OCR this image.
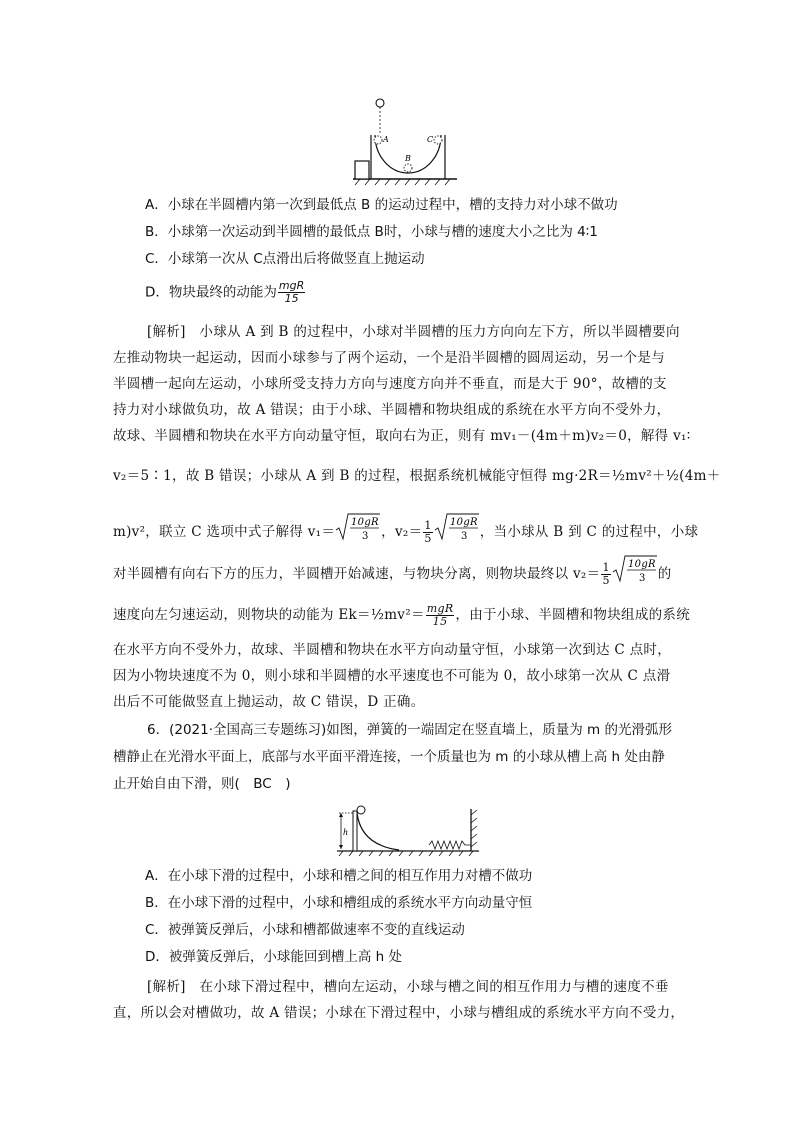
A	C
B
A．小球在半圆槽内第一次到最低点 B 的运动过程中，槽的支持力对小球不做功
B．小球第一次运动到半圆槽的最低点 B时，小球与槽的速度大小之比为 4∶1
C．小球第一次从 C点滑出后将做竖直上抛运动
D．物块最终的动能为 $\frac{\text{mgR}}{15}$
[解析]　小球从 A 到 B 的过程中，小球对半圆槽的压力方向向左下方，所以半圆槽要向
左推动物块一起运动，因而小球参与了两个运动，一个是沿半圆槽的圆周运动，另一个是与
半圆槽一起向左运动，小球所受支持力方向与速度方向并不垂直，而是大于 90°，故槽的支
持力对小球做负功，故 A 错误；由于小球、半圆槽和物块组成的系统在水平方向不受外力，
故球、半圆槽和物块在水平方向动量守恒，取向右为正，则有 mv₁－(4m＋m)v₂＝0，解得 v₁∶
v₂＝5∶1，故 B 错误；小球从 A 到 B 的过程，根据系统机械能守恒得 mg·2R＝½mv²＋½(4m＋
m)v²，联立 C 选项中式子解得 v₁＝
10gR
3 ，$v_2= \frac{1}{5} 10gR$
3 ，当小球从 B 到 C 的过程中，小球
对半圆槽有向右下方的压力，半圆槽开始减速，与物块分离，则物块最终以 $v_2= \frac{1}{5} 10gR$
3 的
速度向左匀速运动，则物块的动能为 Ek＝½mv²＝ $\frac{\text{mgR}}{15}$ ，由于小球、半圆槽和物块组成的系统
在水平方向不受外力，故球、半圆槽和物块在水平方向动量守恒，小球第一次到达 C 点时，
因为小物块速度不为 0，则小球和半圆槽的水平速度也不可能为 0，故小球第一次从 C 点滑
出后不可能做竖直上抛运动，故 C 错误，D 正确。
6．(2021·全国高三专题练习)如图，弹簧的一端固定在竖直墙上，质量为 m 的光滑弧形
槽静止在光滑水平面上，底部与水平面平滑连接，一个质量也为 m 的小球从槽上高 h 处由静
止开始自由下滑，则(　BC　)
h
A．在小球下滑的过程中，小球和槽之间的相互作用力对槽不做功
B．在小球下滑的过程中，小球和槽组成的系统水平方向动量守恒
C．被弹簧反弹后，小球和槽都做速率不变的直线运动
D．被弹簧反弹后，小球能回到槽上高 h 处
[解析]　在小球下滑过程中，槽向左运动，小球与槽之间的相互作用力与槽的速度不垂
直，所以会对槽做功，故 A 错误；小球在下滑过程中，小球与槽组成的系统水平方向不受力，
